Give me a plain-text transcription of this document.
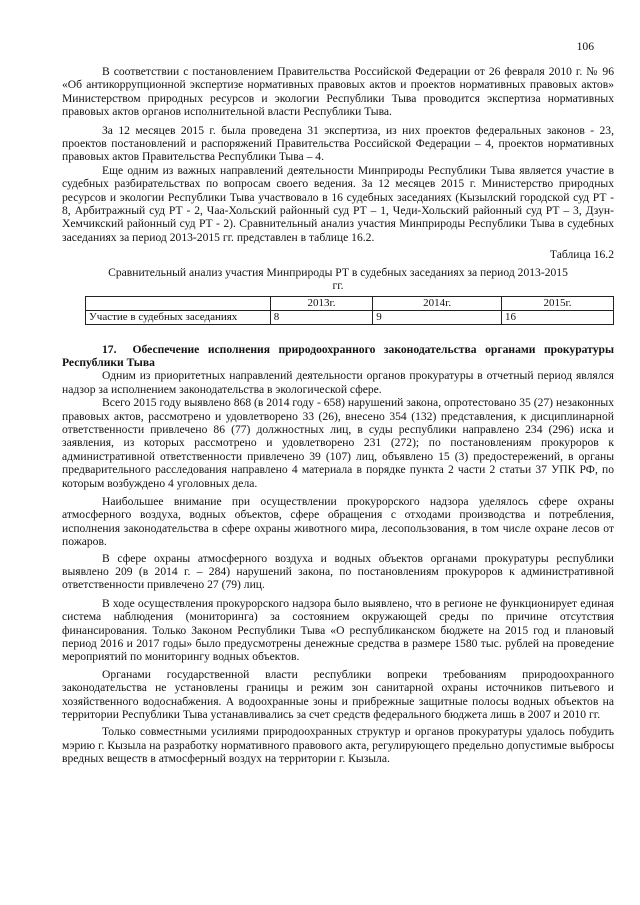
106

В соответствии с постановлением Правительства Российской Федерации от 26 февраля 2010 г. № 96 «Об антикоррупционной экспертизе нормативных правовых актов и проектов нормативных правовых актов» Министерством природных ресурсов и экологии Республики Тыва проводится экспертиза нормативных правовых актов органов исполнительной власти Республики Тыва.

За 12 месяцев 2015 г. была проведена 31 экспертиза, из них проектов федеральных законов - 23, проектов постановлений и распоряжений Правительства Российской Федерации – 4, проектов нормативных правовых актов Правительства Республики Тыва – 4.

Еще одним из важных направлений деятельности Минприроды Республики Тыва является участие в судебных разбирательствах по вопросам своего ведения. За 12 месяцев 2015 г. Министерство природных ресурсов и экологии Республики Тыва участвовало в 16 судебных заседаниях (Кызылский городской суд РТ - 8, Арбитражный суд РТ - 2, Чаа-Хольский районный суд РТ – 1, Чеди-Хольский районный суд РТ – 3, Дзун-Хемчикский районный суд РТ - 2). Сравнительный анализ участия Минприроды Республики Тыва в судебных заседаниях за период 2013-2015 гг. представлен в таблице 16.2.

Таблица 16.2
Сравнительный анализ участия Минприроды РТ в судебных заседаниях за период 2013-2015 гг.
	2013г.	2014г.	2015г.
Участие в судебных заседаниях	8	9	16
17. Обеспечение исполнения природоохранного законодательства органами прокуратуры Республики Тыва

Одним из приоритетных направлений деятельности органов прокуратуры в отчетный период являлся надзор за исполнением законодательства в экологической сфере.

Всего 2015 году выявлено 868 (в 2014 году - 658) нарушений закона, опротестовано 35 (27) незаконных правовых актов, рассмотрено и удовлетворено 33 (26), внесено 354 (132) представления, к дисциплинарной ответственности привлечено 86 (77) должностных лиц, в суды республики направлено 234 (296) иска и заявления, из которых рассмотрено и удовлетворено 231 (272); по постановлениям прокуроров к административной ответственности привлечено 39 (107) лиц, объявлено 15 (3) предостережений, в органы предварительного расследования направлено 4 материала в порядке пункта 2 части 2 статьи 37 УПК РФ, по которым возбуждено 4 уголовных дела.

Наибольшее внимание при осуществлении прокурорского надзора уделялось сфере охраны атмосферного воздуха, водных объектов, сфере обращения с отходами производства и потребления, исполнения законодательства в сфере охраны животного мира, лесопользования, в том числе охране лесов от пожаров.

В сфере охраны атмосферного воздуха и водных объектов органами прокуратуры республики выявлено 209 (в 2014 г. – 284) нарушений закона, по постановлениям прокуроров к административной ответственности привлечено 27 (79) лиц.

В ходе осуществления прокурорского надзора было выявлено, что в регионе не функционирует единая система наблюдения (мониторинга) за состоянием окружающей среды по причине отсутствия финансирования. Только Законом Республики Тыва «О республиканском бюджете на 2015 год и плановый период 2016 и 2017 годы» было предусмотрены денежные средства в размере 1580 тыс. рублей на проведение мероприятий по мониторингу водных объектов.

Органами государственной власти республики вопреки требованиям природоохранного законодательства не установлены границы и режим зон санитарной охраны источников питьевого и хозяйственного водоснабжения. А водоохранные зоны и прибрежные защитные полосы водных объектов на территории Республики Тыва устанавливались за счет средств федерального бюджета лишь в 2007 и 2010 гг.

Только совместными усилиями природоохранных структур и органов прокуратуры удалось побудить мэрию г. Кызыла на разработку нормативного правового акта, регулирующего предельно допустимые выбросы вредных веществ в атмосферный воздух на территории г. Кызыла.
